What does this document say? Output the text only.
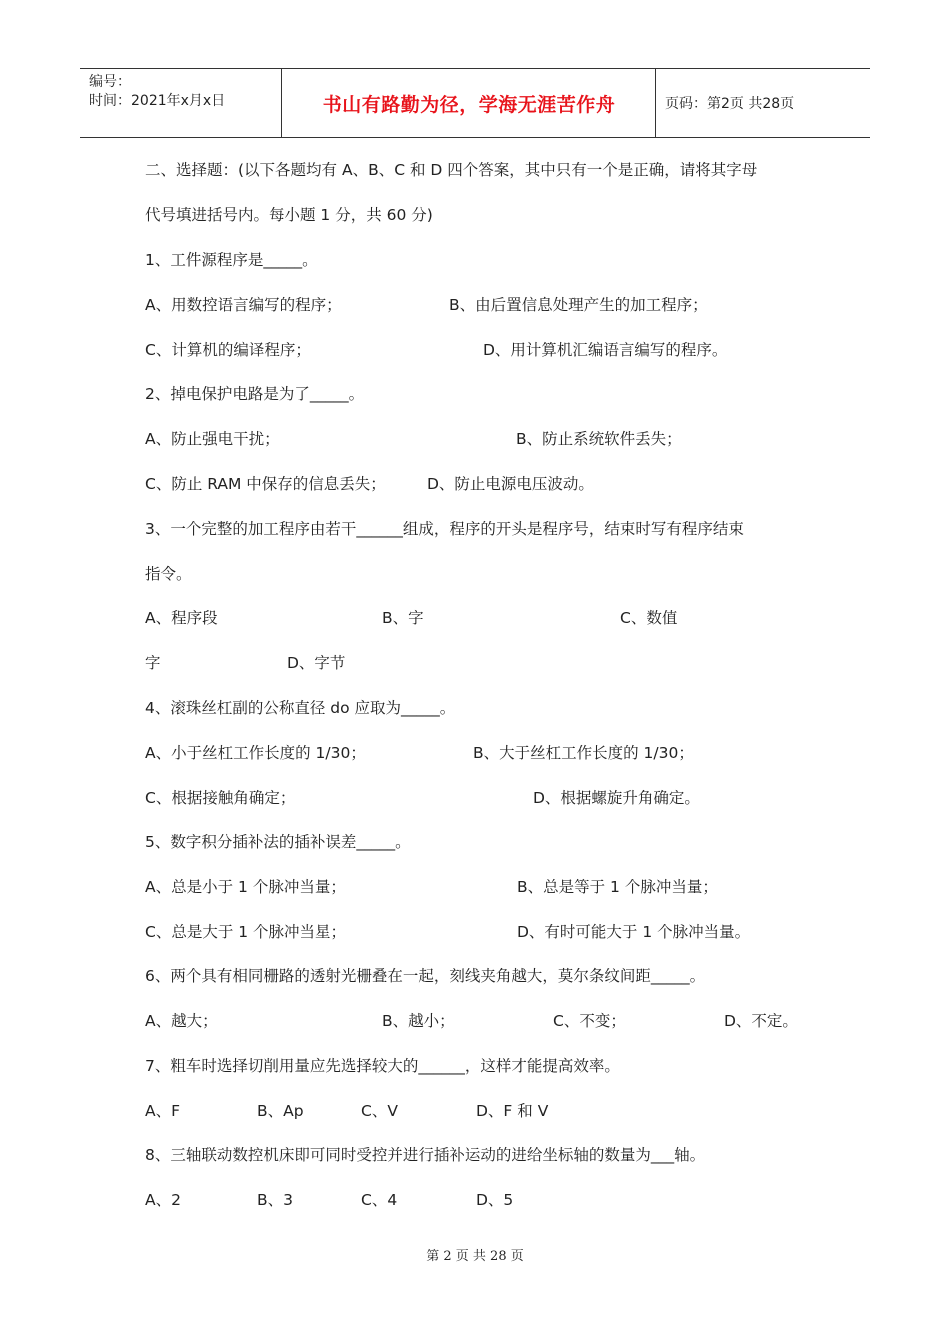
编号：
时间：2021年x月x日	书山有路勤为径，学海无涯苦作舟	页码：第2页 共28页
二、选择题：(以下各题均有 A、B、C 和 D 四个答案，其中只有一个是正确，请将其字母
代号填进括号内。每小题 1 分，共 60 分)
1、工件源程序是_____。
A、用数控语言编写的程序；	B、由后置信息处理产生的加工程序；
C、计算机的编译程序；	D、用计算机汇编语言编写的程序。
2、掉电保护电路是为了_____。
A、防止强电干扰；	B、防止系统软件丢失；
C、防止 RAM 中保存的信息丢失；	D、防止电源电压波动。
3、一个完整的加工程序由若干______组成，程序的开头是程序号，结束时写有程序结束
指令。
A、程序段	B、字	C、数值
字	D、字节
4、滚珠丝杠副的公称直径 do 应取为_____。
A、小于丝杠工作长度的 1/30；	B、大于丝杠工作长度的 1/30；
C、根据接触角确定；	D、根据螺旋升角确定。
5、数字积分插补法的插补误差_____。
A、总是小于 1 个脉冲当量；	B、总是等于 1 个脉冲当量；
C、总是大于 1 个脉冲当星；	D、有时可能大于 1 个脉冲当量。
6、两个具有相同栅路的透射光栅叠在一起，刻线夹角越大，莫尔条纹间距_____。
A、越大；	B、越小；	C、不变；	D、不定。
7、粗车时选择切削用量应先选择较大的______，这样才能提高效率。
A、F	B、Ap	C、V	D、F 和 V
8、三轴联动数控机床即可同时受控并进行插补运动的进给坐标轴的数量为___轴。
A、2	B、3	C、4	D、5
第 2 页 共 28 页
